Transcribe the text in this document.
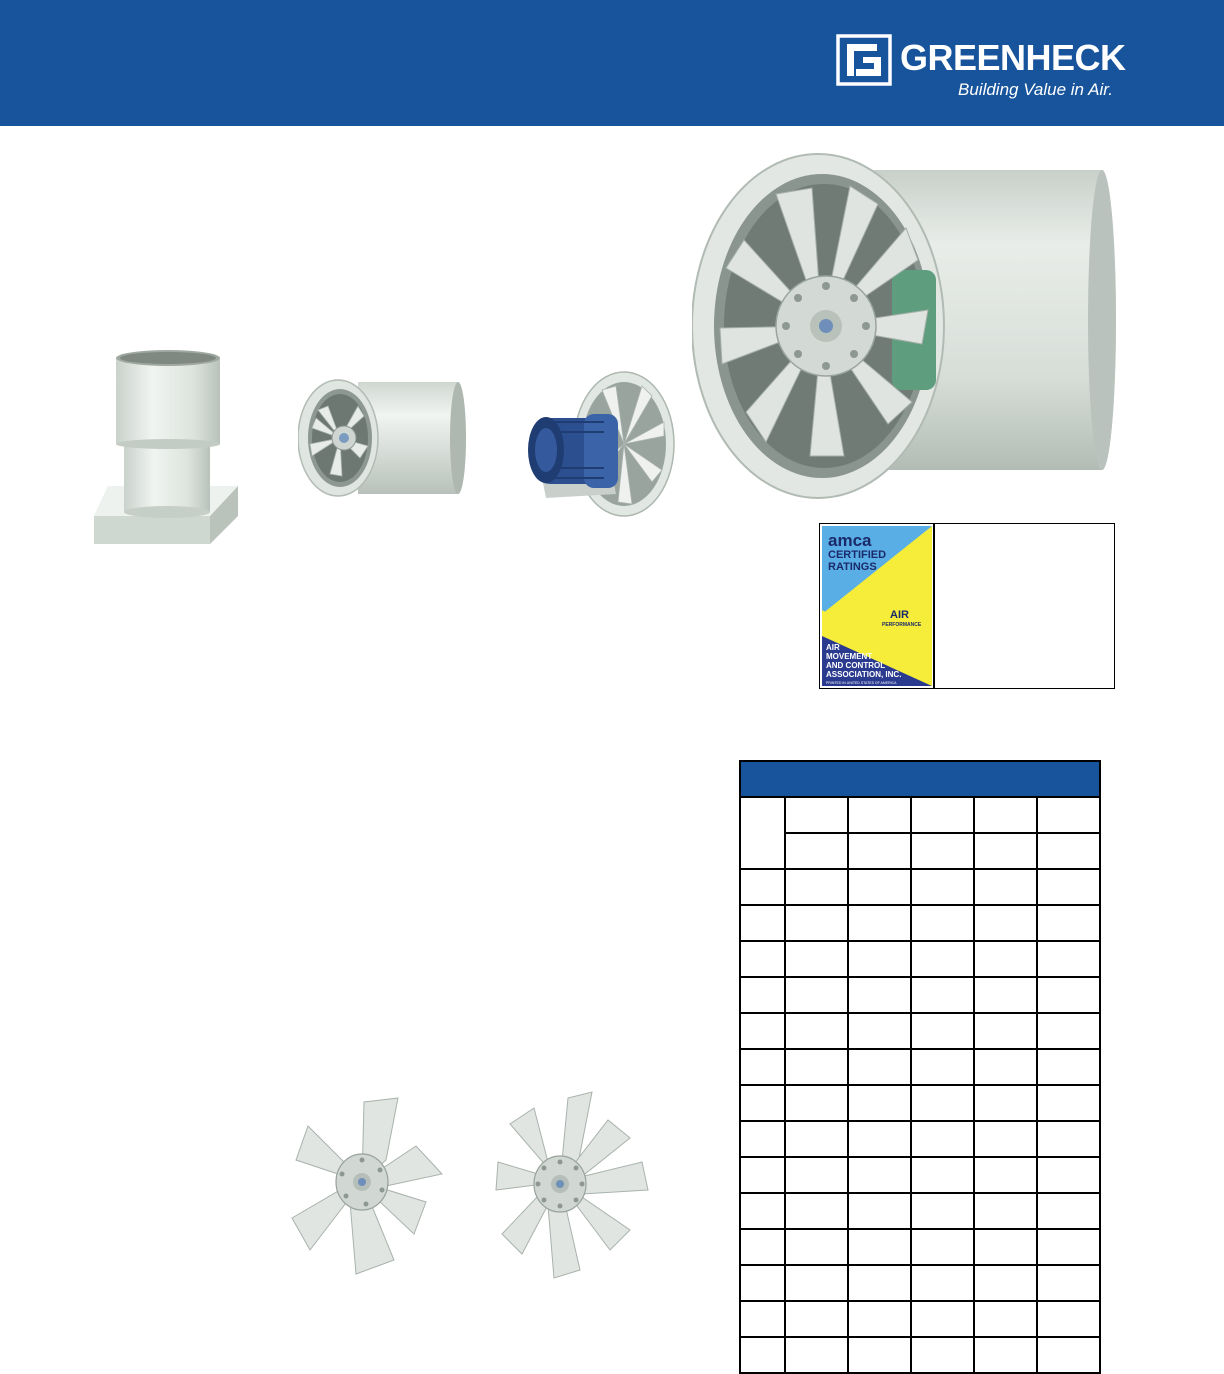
GREENHECK
Building Value in Air.
amca
CERTIFIED
RATINGS
AIR
PERFORMANCE
AIR
MOVEMENT
AND CONTROL
ASSOCIATION, INC.
PRINTED IN UNITED STATES OF AMERICA
